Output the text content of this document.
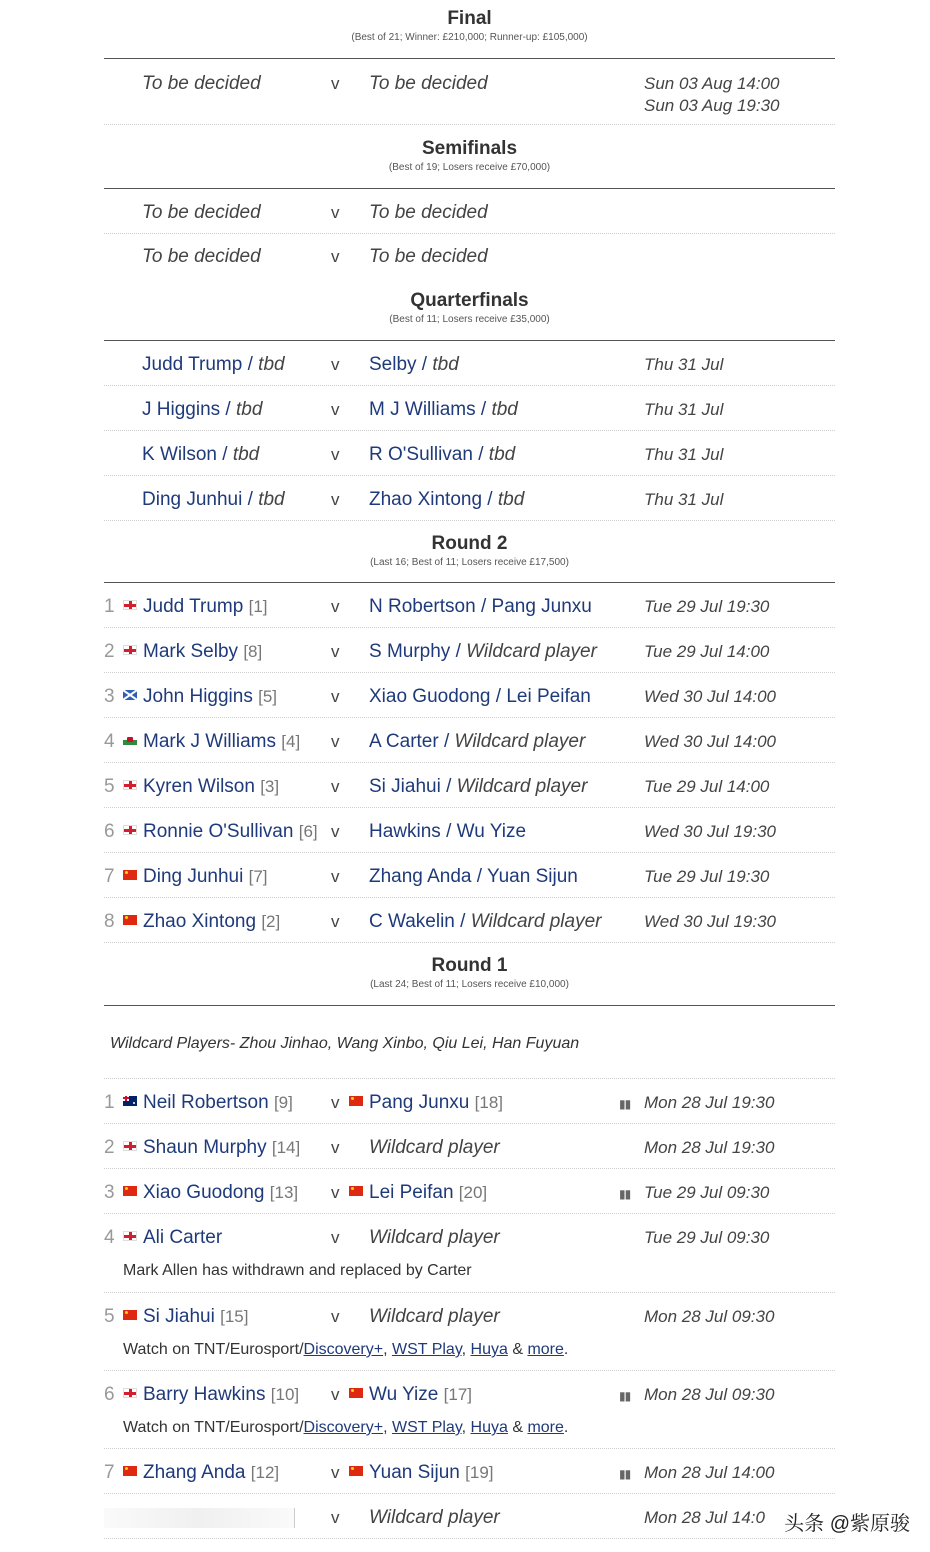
Final
(Best of 21; Winner: £210,000; Runner-up: £105,000)
To be decided	v To be decided	Sun 03 Aug 14:00
Sun 03 Aug 19:30
Semifinals
(Best of 19; Losers receive £70,000)
To be decided	v To be decided
To be decided	v To be decided
Quarterfinals
(Best of 11; Losers receive £35,000)
Judd Trump / tbd	v Selby / tbd	Thu 31 Jul
J Higgins / tbd	v M J Williams / tbd	Thu 31 Jul
K Wilson / tbd	v R O'Sullivan / tbd	Thu 31 Jul
Ding Junhui / tbd	v Zhao Xintong / tbd	Thu 31 Jul
Round 2
(Last 16; Best of 11; Losers receive £17,500)
1	Judd Trump [1]	v N Robertson / Pang Junxu	Tue 29 Jul 19:30
2	Mark Selby [8]	v S Murphy / Wildcard player	Tue 29 Jul 14:00
3	John Higgins [5]	v Xiao Guodong / Lei Peifan	Wed 30 Jul 14:00
4	Mark J Williams [4] v A Carter / Wildcard player	Wed 30 Jul 14:00
5	Kyren Wilson [3]	v Si Jiahui / Wildcard player	Tue 29 Jul 14:00
6	Ronnie O'Sullivan [6] v Hawkins / Wu Yize	Wed 30 Jul 19:30
7	Ding Junhui [7]	v Zhang Anda / Yuan Sijun	Tue 29 Jul 19:30
8	Zhao Xintong [2]	v C Wakelin / Wildcard player	Wed 30 Jul 19:30
Round 1
(Last 24; Best of 11; Losers receive £10,000)
Wildcard Players- Zhou Jinhao, Wang Xinbo, Qiu Lei, Han Fuyuan
1	Neil Robertson [9] v	Pang Junxu [18]	▮▮ Mon 28 Jul 19:30
2	Shaun Murphy [14] v Wildcard player	Mon 28 Jul 19:30
3	Xiao Guodong [13] v	Lei Peifan [20]	▮▮ Tue 29 Jul 09:30
4	Ali Carter	v Wildcard player	Tue 29 Jul 09:30
Mark Allen has withdrawn and replaced by Carter
5	Si Jiahui [15]	v Wildcard player	Mon 28 Jul 09:30
Watch on TNT/Eurosport/Discovery+, WST Play, Huya & more.
6	Barry Hawkins [10] v	Wu Yize [17]	▮▮ Mon 28 Jul 09:30
Watch on TNT/Eurosport/Discovery+, WST Play, Huya & more.
7	Zhang Anda [12]	v	Yuan Sijun [19]	▮▮ Mon 28 Jul 14:00
v Wildcard player	Mon 28 Jul 14:0 头条 @紫原骏
